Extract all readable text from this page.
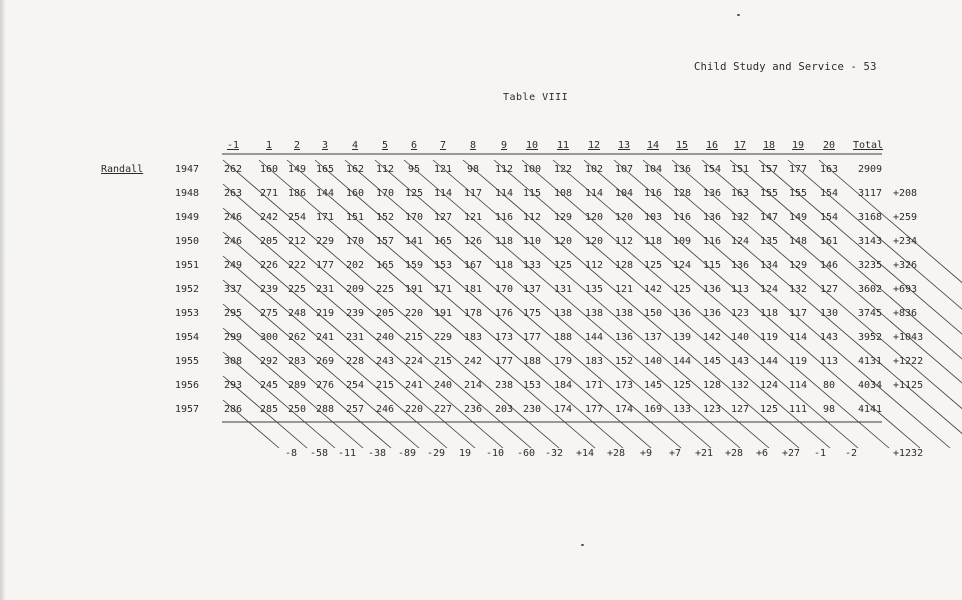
Child Study and Service - 53
Table VIII
-1	1 2 3 4 5 6 7 8 9 10 11 12 13 14 15 16 17 18 19 20 Total
Randall	1947 262 160 149 165 162 112 95 121 98 112 100 122 102 107 104 136 154 151 157 177 163 2909
1948 263 271 186 144 160 170 125 114 117 114 115 108 114 104 116 128 136 163 155 155 154 3117 +208
1949 246 242 254 171 151 152 170 127 121 116 112 129 120 120 103 116 136 132 147 149 154 3168 +259
1950 246 205 212 229 170 157 141 165 126 118 110 120 120 112 118 109 116 124 135 148 161 3143 +234
1951 249 226 222 177 202 165 159 153 167 118 133 125 112 128 125 124 115 136 134 129 146 3235 +326
1952 337 239 225 231 209 225 191 171 181 170 137 131 135 121 142 125 136 113 124 132 127 3602 +693
1953 295 275 248 219 239 205 220 191 178 176 175 138 138 138 150 136 136 123 118 117 130 3745 +836
1954 299 300 262 241 231 240 215 229 183 173 177 188 144 136 137 139 142 140 119 114 143 3952 +1043
1955 308 292 283 269 228 243 224 215 242 177 188 179 183 152 140 144 145 143 144 119 113 4131 +1222
1956 293 245 289 276 254 215 241 240 214 238 153 184 171 173 145 125 128 132 124 114 80 4034 +1125
1957 286 285 250 288 257 246 220 227 236 203 230 174 177 174 169 133 123 127 125 111 98 4141
-8 -58 -11 -38 -89 -29 19 -10 -60 -32 +14 +28 +9 +7 +21 +28 +6 +27 -1 -2	+1232
